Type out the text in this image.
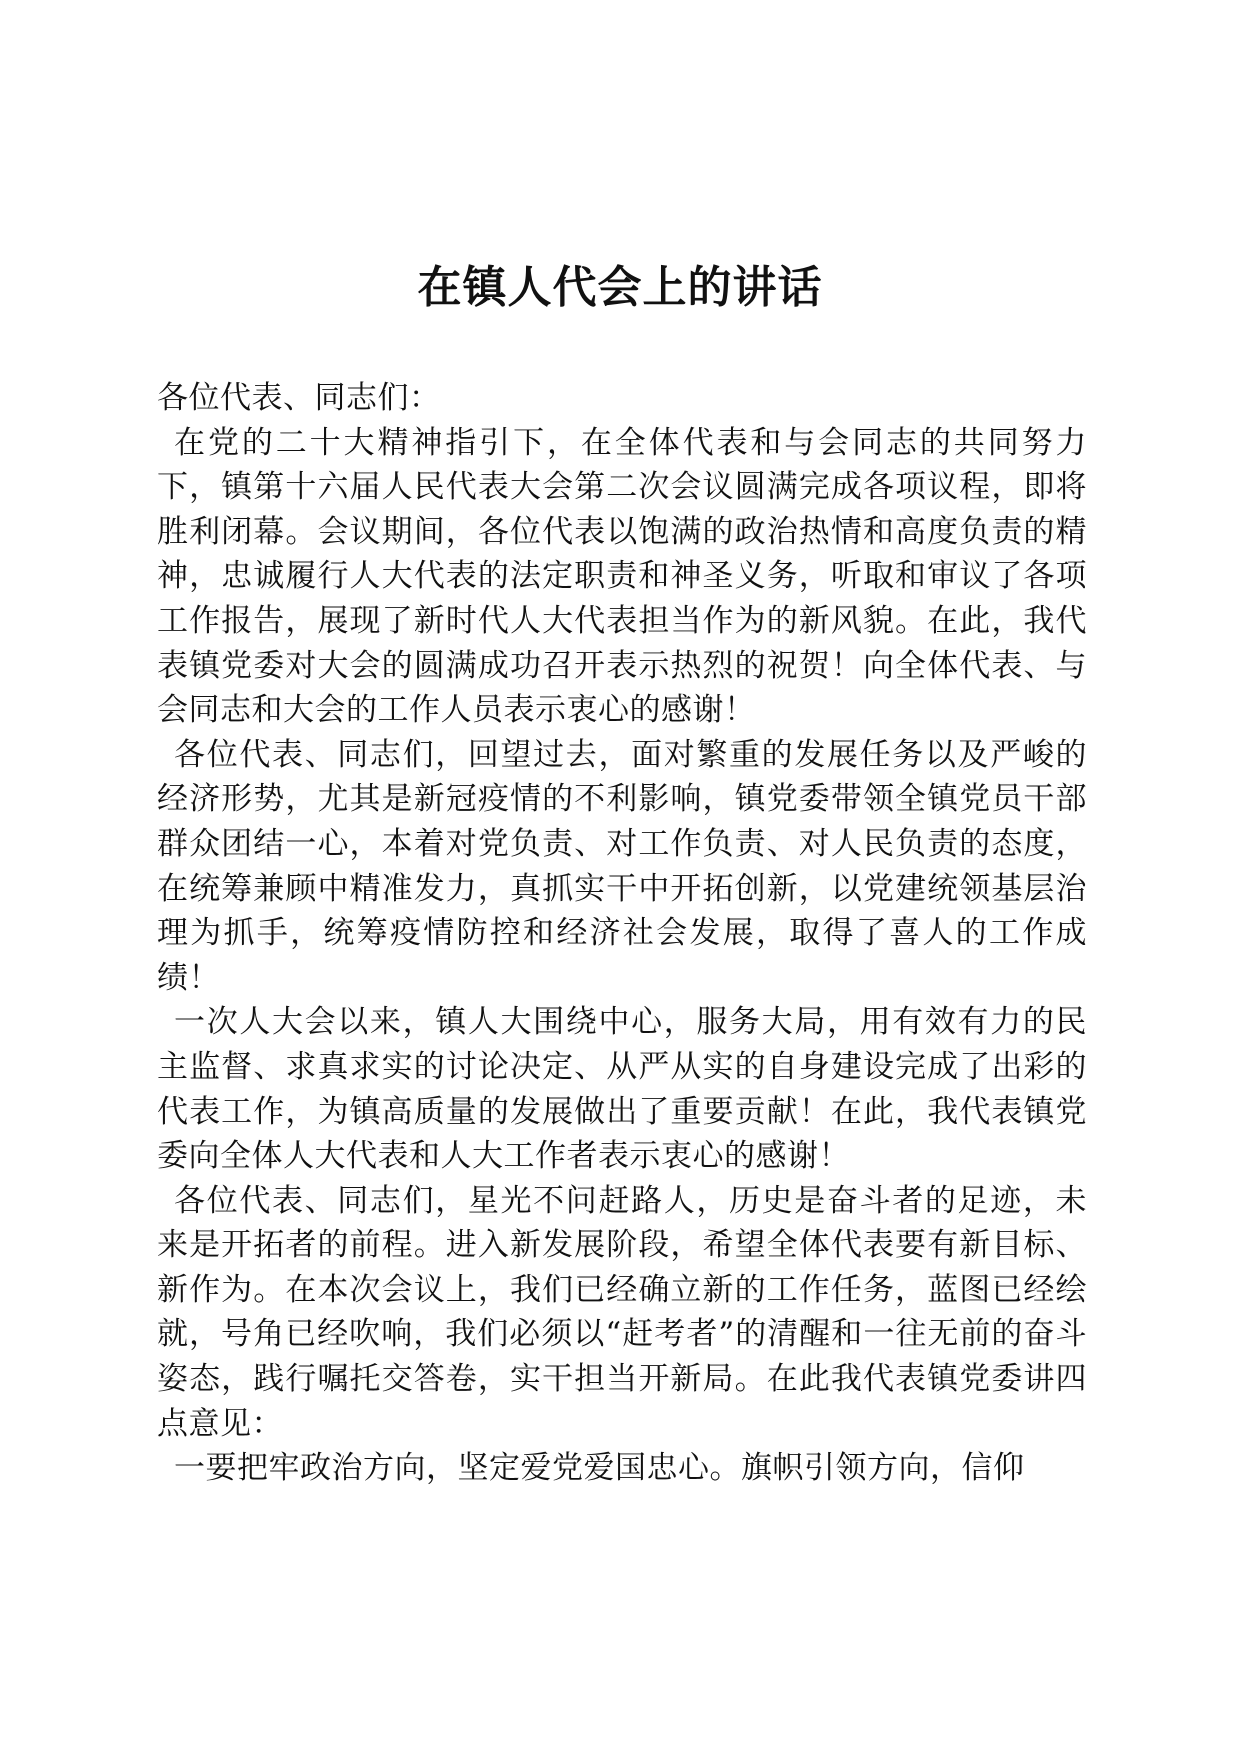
在镇人代会上的讲话

各位代表、同志们：

在党的二十大精神指引下，在全体代表和与会同志的共同努力下，镇第十六届人民代表大会第二次会议圆满完成各项议程，即将胜利闭幕。会议期间，各位代表以饱满的政治热情和高度负责的精神，忠诚履行人大代表的法定职责和神圣义务，听取和审议了各项工作报告，展现了新时代人大代表担当作为的新风貌。在此，我代表镇党委对大会的圆满成功召开表示热烈的祝贺！向全体代表、与会同志和大会的工作人员表示衷心的感谢！

各位代表、同志们，回望过去，面对繁重的发展任务以及严峻的经济形势，尤其是新冠疫情的不利影响，镇党委带领全镇党员干部群众团结一心，本着对党负责、对工作负责、对人民负责的态度，在统筹兼顾中精准发力，真抓实干中开拓创新，以党建统领基层治理为抓手，统筹疫情防控和经济社会发展，取得了喜人的工作成绩！

一次人大会以来，镇人大围绕中心，服务大局，用有效有力的民主监督、求真求实的讨论决定、从严从实的自身建设完成了出彩的代表工作，为镇高质量的发展做出了重要贡献！在此，我代表镇党委向全体人大代表和人大工作者表示衷心的感谢！

各位代表、同志们，星光不问赶路人，历史是奋斗者的足迹，未来是开拓者的前程。进入新发展阶段，希望全体代表要有新目标、新作为。在本次会议上，我们已经确立新的工作任务，蓝图已经绘就，号角已经吹响，我们必须以“赶考者”的清醒和一往无前的奋斗姿态，践行嘱托交答卷，实干担当开新局。在此我代表镇党委讲四点意见：

一要把牢政治方向，坚定爱党爱国忠心。旗帜引领方向，信仰
